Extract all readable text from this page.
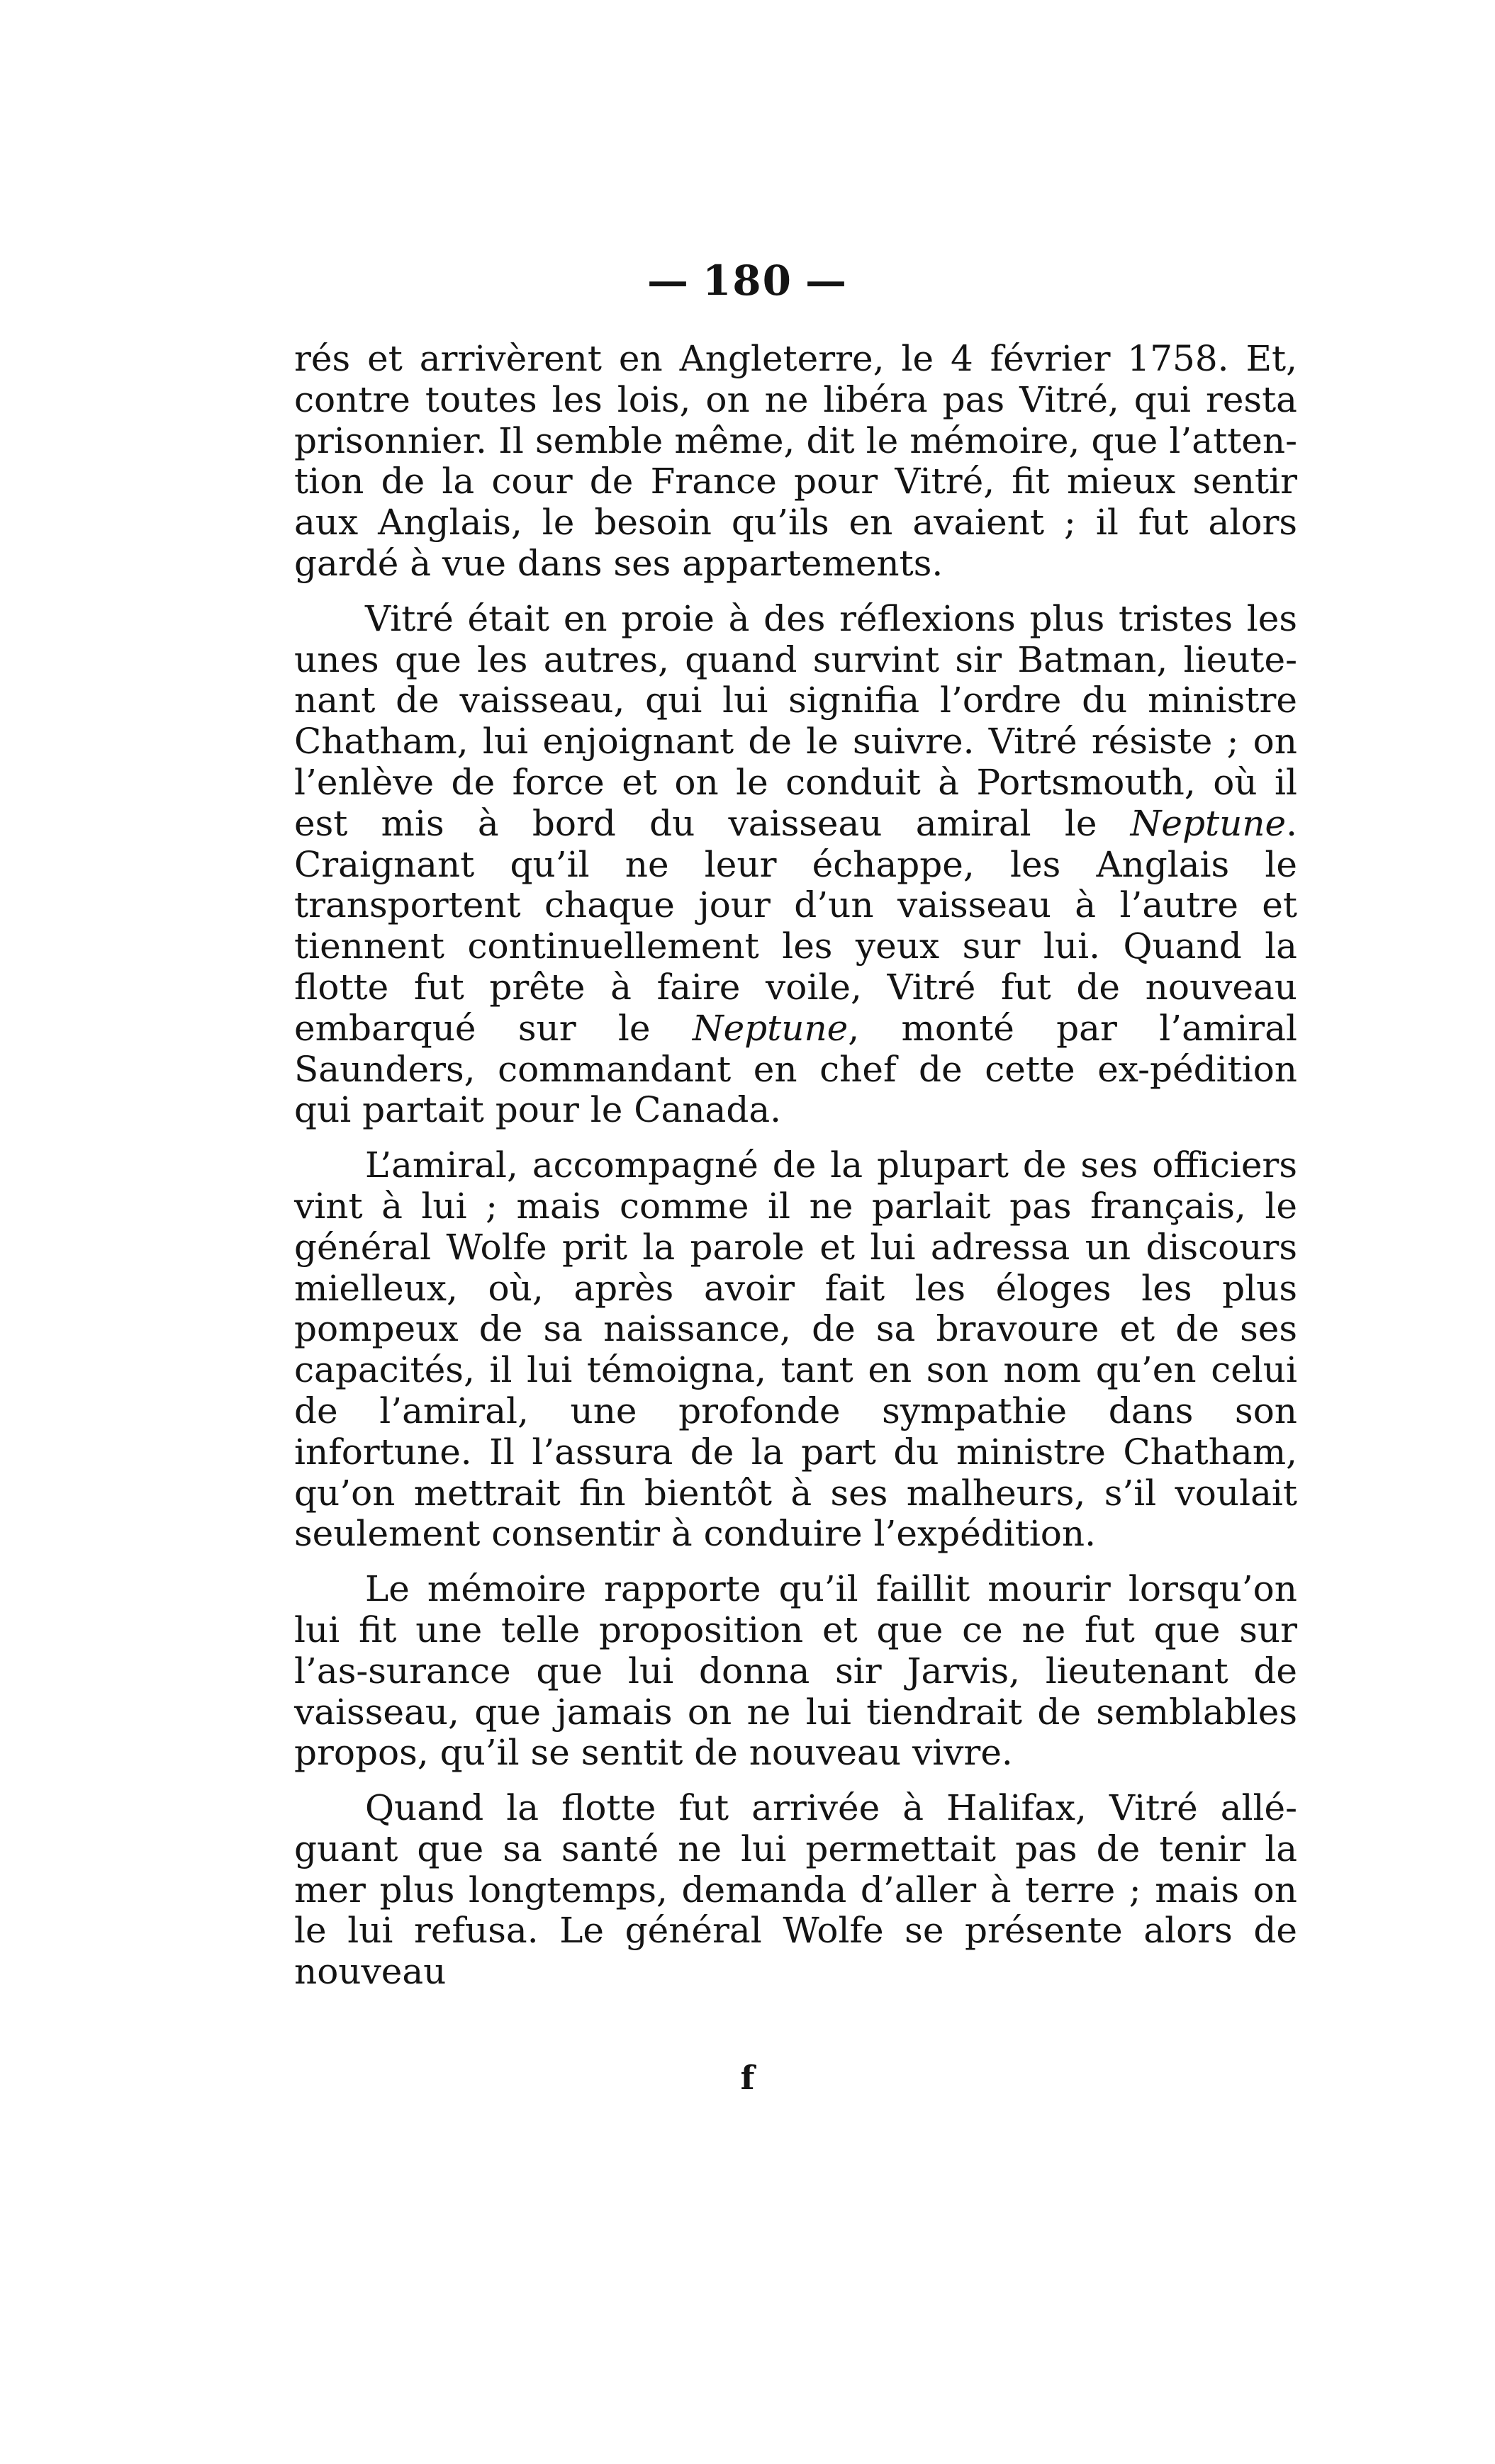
— 180 —

rés et arrivèrent en Angleterre, le 4 février 1758. Et, contre toutes les lois, on ne libéra pas Vitré, qui resta prisonnier. Il semble même, dit le mémoire, que l’atten-tion de la cour de France pour Vitré, fit mieux sentir aux Anglais, le besoin qu’ils en avaient ; il fut alors gardé à vue dans ses appartements.

Vitré était en proie à des réflexions plus tristes les unes que les autres, quand survint sir Batman, lieute-nant de vaisseau, qui lui signifia l’ordre du ministre Chatham, lui enjoignant de le suivre. Vitré résiste ; on l’enlève de force et on le conduit à Portsmouth, où il est mis à bord du vaisseau amiral le Neptune. Craignant qu’il ne leur échappe, les Anglais le transportent chaque jour d’un vaisseau à l’autre et tiennent continuellement les yeux sur lui. Quand la flotte fut prête à faire voile, Vitré fut de nouveau embarqué sur le Neptune, monté par l’amiral Saunders, commandant en chef de cette ex-pédition qui partait pour le Canada.

L’amiral, accompagné de la plupart de ses officiers vint à lui ; mais comme il ne parlait pas français, le général Wolfe prit la parole et lui adressa un discours mielleux, où, après avoir fait les éloges les plus pompeux de sa naissance, de sa bravoure et de ses capacités, il lui témoigna, tant en son nom qu’en celui de l’amiral, une profonde sympathie dans son infortune. Il l’assura de la part du ministre Chatham, qu’on mettrait fin bientôt à ses malheurs, s’il voulait seulement consentir à conduire l’expédition.

Le mémoire rapporte qu’il faillit mourir lorsqu’on lui fit une telle proposition et que ce ne fut que sur l’as-surance que lui donna sir Jarvis, lieutenant de vaisseau, que jamais on ne lui tiendrait de semblables propos, qu’il se sentit de nouveau vivre.

Quand la flotte fut arrivée à Halifax, Vitré allé-guant que sa santé ne lui permettait pas de tenir la mer plus longtemps, demanda d’aller à terre ; mais on le lui refusa. Le général Wolfe se présente alors de nouveau

f
